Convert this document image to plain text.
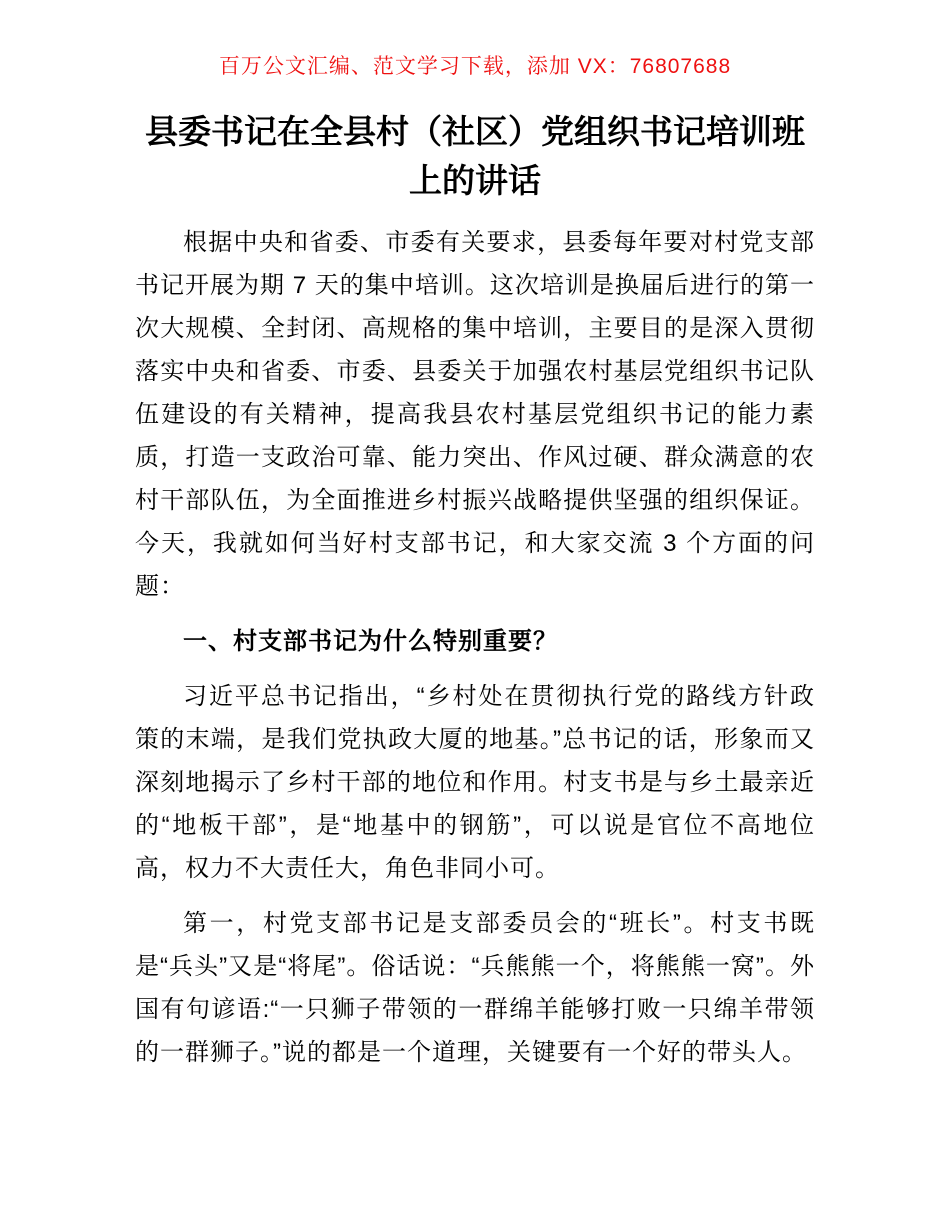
百万公文汇编、范文学习下载，添加 VX：76807688
县委书记在全县村（社区）党组织书记培训班
上的讲话

根据中央和省委、市委有关要求，县委每年要对村党支部书记开展为期 7 天的集中培训。这次培训是换届后进行的第一次大规模、全封闭、高规格的集中培训，主要目的是深入贯彻落实中央和省委、市委、县委关于加强农村基层党组织书记队伍建设的有关精神，提高我县农村基层党组织书记的能力素质，打造一支政治可靠、能力突出、作风过硬、群众满意的农村干部队伍，为全面推进乡村振兴战略提供坚强的组织保证。今天，我就如何当好村支部书记，和大家交流 3 个方面的问题：

一、村支部书记为什么特别重要？

习近平总书记指出，“乡村处在贯彻执行党的路线方针政策的末端，是我们党执政大厦的地基。”总书记的话，形象而又深刻地揭示了乡村干部的地位和作用。村支书是与乡土最亲近的“地板干部”，是“地基中的钢筋”，可以说是官位不高地位高，权力不大责任大，角色非同小可。

第一，村党支部书记是支部委员会的“班长”。村支书既是“兵头”又是“将尾”。俗话说：“兵熊熊一个，将熊熊一窝”。外国有句谚语:“一只狮子带领的一群绵羊能够打败一只绵羊带领的一群狮子。”说的都是一个道理，关键要有一个好的带头人。
